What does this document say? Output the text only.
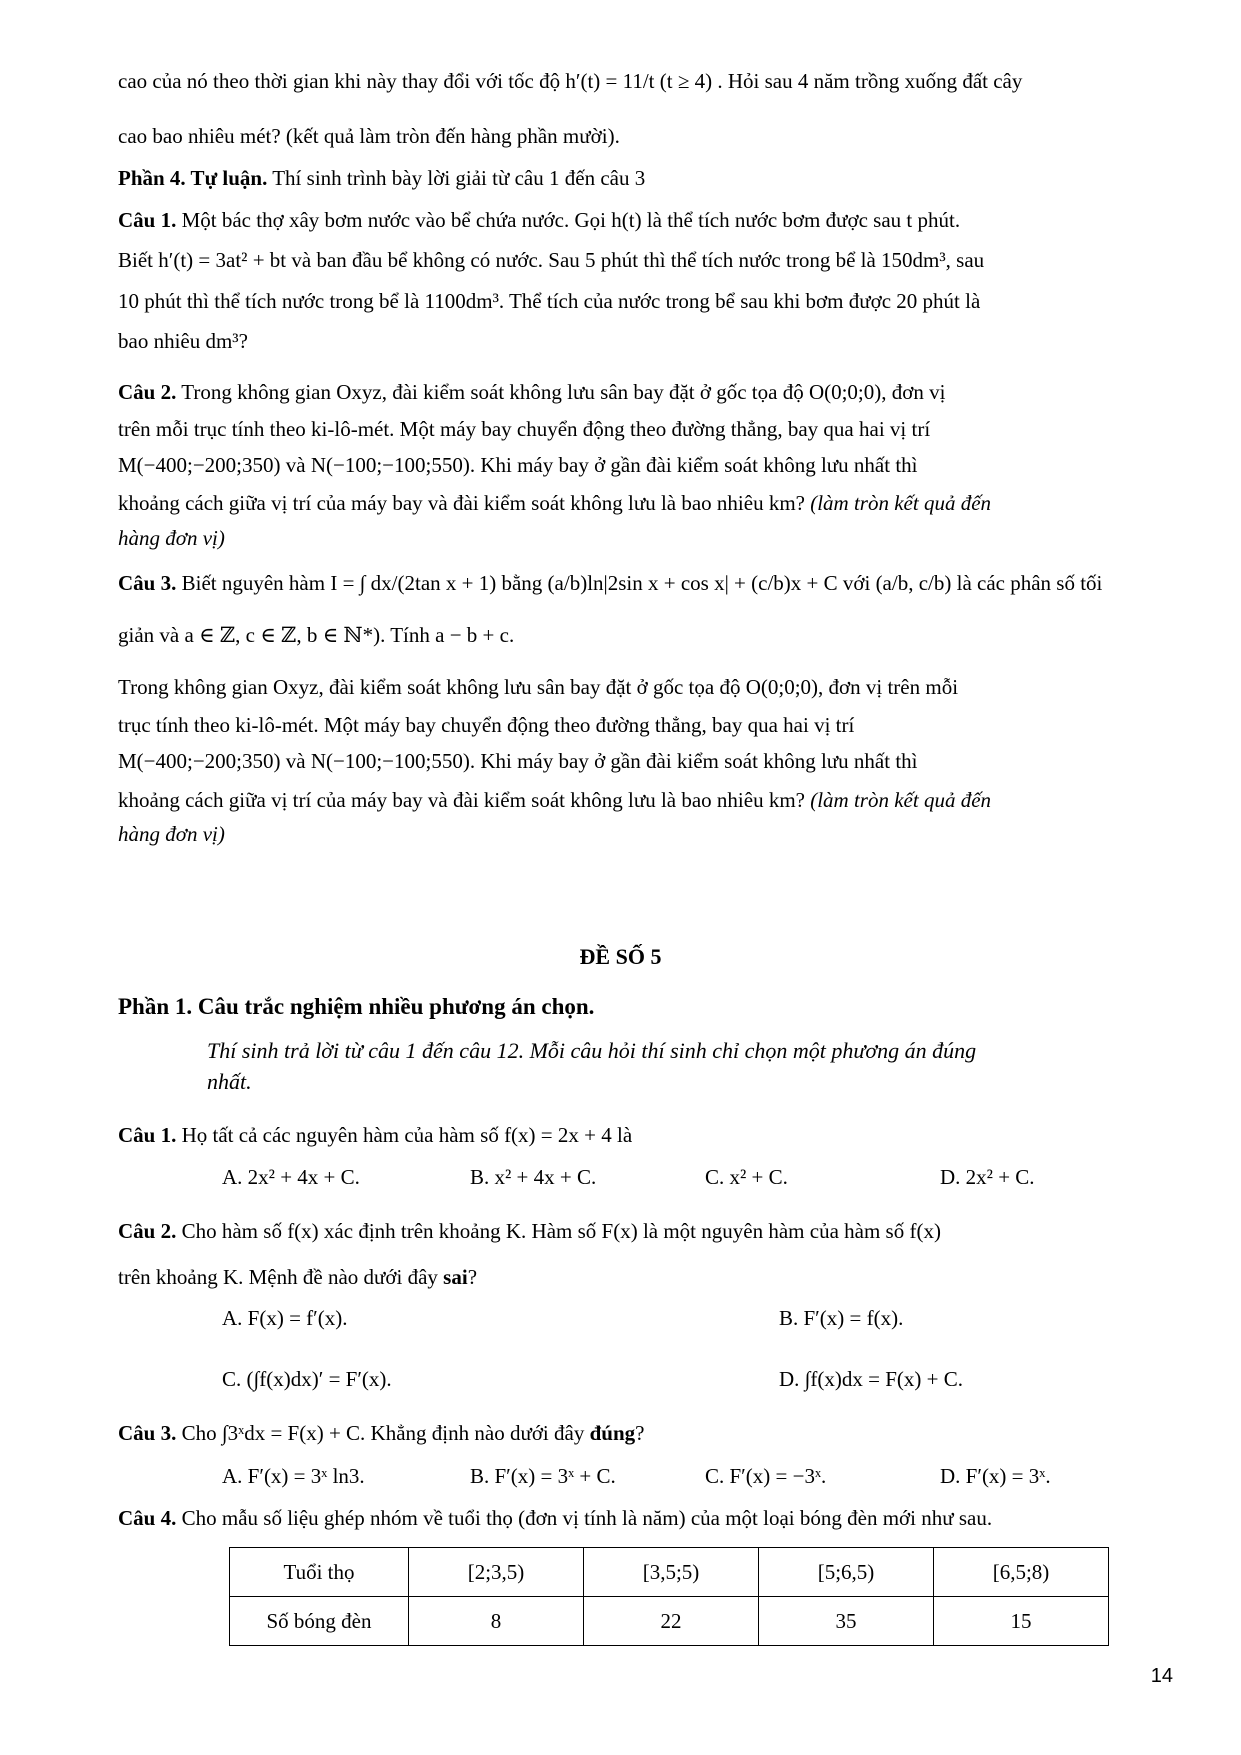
cao của nó theo thời gian khi này thay đổi với tốc độ h′(t) = 11/t (t ≥ 4) . Hỏi sau 4 năm trồng xuống đất cây
cao bao nhiêu mét? (kết quả làm tròn đến hàng phần mười).
Phần 4. Tự luận. Thí sinh trình bày lời giải từ câu 1 đến câu 3
Câu 1. Một bác thợ xây bơm nước vào bể chứa nước. Gọi h(t) là thể tích nước bơm được sau t phút.
Biết h′(t) = 3at² + bt và ban đầu bể không có nước. Sau 5 phút thì thể tích nước trong bể là 150dm³, sau
10 phút thì thể tích nước trong bể là 1100dm³. Thể tích của nước trong bể sau khi bơm được 20 phút là
bao nhiêu dm³?
Câu 2. Trong không gian Oxyz, đài kiểm soát không lưu sân bay đặt ở gốc tọa độ O(0;0;0), đơn vị
trên mỗi trục tính theo ki-lô-mét. Một máy bay chuyển động theo đường thẳng, bay qua hai vị trí
M(−400;−200;350) và N(−100;−100;550). Khi máy bay ở gần đài kiểm soát không lưu nhất thì
khoảng cách giữa vị trí của máy bay và đài kiểm soát không lưu là bao nhiêu km? (làm tròn kết quả đến
hàng đơn vị)
Câu 3. Biết nguyên hàm I = ∫ dx/(2tan x + 1) bằng (a/b)ln|2sin x + cos x| + (c/b)x + C với (a/b, c/b) là các phân số tối
giản và a ∈ ℤ, c ∈ ℤ, b ∈ ℕ*). Tính a − b + c.
Trong không gian Oxyz, đài kiểm soát không lưu sân bay đặt ở gốc tọa độ O(0;0;0), đơn vị trên mỗi
trục tính theo ki-lô-mét. Một máy bay chuyển động theo đường thẳng, bay qua hai vị trí
M(−400;−200;350) và N(−100;−100;550). Khi máy bay ở gần đài kiểm soát không lưu nhất thì
khoảng cách giữa vị trí của máy bay và đài kiểm soát không lưu là bao nhiêu km? (làm tròn kết quả đến
hàng đơn vị)
ĐỀ SỐ 5
Phần 1. Câu trắc nghiệm nhiều phương án chọn.
Thí sinh trả lời từ câu 1 đến câu 12. Mỗi câu hỏi thí sinh chỉ chọn một phương án đúng
nhất.
Câu 1. Họ tất cả các nguyên hàm của hàm số f(x) = 2x + 4 là
A. 2x² + 4x + C.	B. x² + 4x + C.	C. x² + C.	D. 2x² + C.
Câu 2. Cho hàm số f(x) xác định trên khoảng K. Hàm số F(x) là một nguyên hàm của hàm số f(x)
trên khoảng K. Mệnh đề nào dưới đây sai?
A. F(x) = f′(x).	B. F′(x) = f(x).
C. (∫f(x)dx)′ = F′(x).	D. ∫f(x)dx = F(x) + C.
Câu 3. Cho ∫3ˣdx = F(x) + C. Khẳng định nào dưới đây đúng?
A. F′(x) = 3ˣ ln3.	B. F′(x) = 3ˣ + C.	C. F′(x) = −3ˣ.	D. F′(x) = 3ˣ.
Câu 4. Cho mẫu số liệu ghép nhóm về tuổi thọ (đơn vị tính là năm) của một loại bóng đèn mới như sau.
Tuổi thọ	[2;3,5)	[3,5;5)	[5;6,5)	[6,5;8)
Số bóng đèn	8	22	35	15
14
